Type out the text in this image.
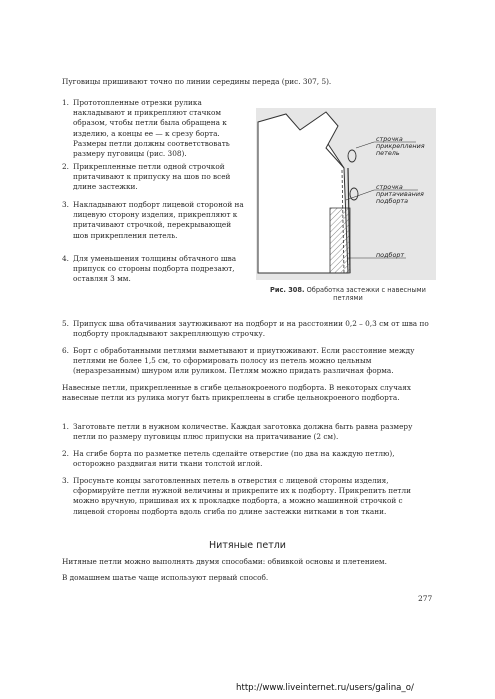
Пуговицы пришивают точно по линии середины переда (рис. 307, 5).

1. Прототопленные отрезки рулика накладывают и прикрепляют стачком образом, чтобы петли была обращена к изделию, а концы ее — к срезу борта. Размеры петли должны соответствовать размеру пуговицы (рис. 308).
2. Прикрепленные петли одной строчкой притачивают к припуску на шов по всей длине застежки.
3. Накладывают подборт лицевой стороной на лицевую сторону изделия, прикрепляют к притачивают строчкой, перекрывающей шов прикрепления петель.
4. Для уменьшения толщины обтачного шва припуск со стороны подборта подрезают, оставляя 3 мм.
строчка прикрепления петель
строчка притачивания подборта
подборт
Рис. 308. Обработка застежки с навесными петлями
5. Припуск шва обтачивания заутюживают на подборт и на расстоянии 0,2 – 0,3 см от шва по подборту прокладывают закрепляющую строчку.
6. Борт с обработанными петлями выметывают и приутюживают. Если расстояние между петлями не более 1,5 см, то сформировать полосу из петель можно цельным (неразрезанным) шнуром или руликом. Петлям можно придать различная форма.

Навесные петли, прикрепленные в сгибе цельнокроеного подборта. В некоторых случаях навесные петли из рулика могут быть прикреплены в сгибе цельнокроеного подборта.

1. Заготовьте петли в нужном количестве. Каждая заготовка должна быть равна размеру петли по размеру пуговицы плюс припуски на притачивание (2 см).
2. На сгибе борта по разметке петель сделайте отверстие (по два на каждую петлю), осторожно раздвигая нити ткани толстой иглой.
3. Просуньте концы заготовленных петель в отверстия с лицевой стороны изделия, сформируйте петли нужной величины и прикрепите их к подборту. Прикрепить петли можно вручную, пришивая их к прокладке подборта, а можно машинной строчкой с лицевой стороны подборта вдоль сгиба по длине застежки нитками в тон ткани.
Нитяные петли

Нитяные петли можно выполнять двумя способами: обвивкой основы и плетением.

В домашнем шатье чаще используют первый способ.

277
http://www.liveinternet.ru/users/galina_o/
